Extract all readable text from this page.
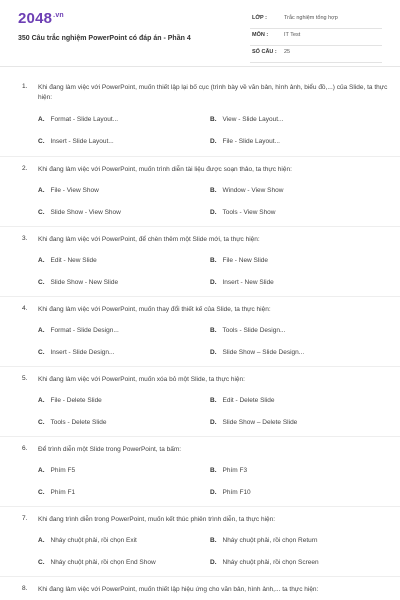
$2048^{.vn}$
350 Câu trắc nghiệm PowerPoint có đáp án - Phần 4
LỚP :	Trắc nghiệm tổng hợp
MÔN :	IT Test
SỐ CÂU : 25
1. Khi đang làm việc với PowerPoint, muốn thiết lập lại bố cục (trình bày về văn bản, hình ảnh, biểu đồ,...) của Slide, ta thực hiện:
A. Format - Slide Layout...	B. View - Slide Layout...
C. Insert - Slide Layout...	D. File - Slide Layout...
2. Khi đang làm việc với PowerPoint, muốn trình diễn tài liệu được soạn thảo, ta thực hiện:
A. File - View Show	B. Window - View Show
C. Slide Show - View Show	D. Tools - View Show
3. Khi đang làm việc với PowerPoint, để chèn thêm một Slide mới, ta thực hiện:
A. Edit - New Slide	B. File - New Slide
C. Slide Show - New Slide	D. Insert - New Slide
4. Khi đang làm việc với PowerPoint, muốn thay đổi thiết kế của Slide, ta thực hiện:
A. Format - Slide Design...	B. Tools - Slide Design...
C. Insert - Slide Design...	D. Slide Show – Slide Design...
5. Khi đang làm việc với PowerPoint, muốn xóa bỏ một Slide, ta thực hiện:
A. File - Delete Slide	B. Edit - Delete Slide
C. Tools - Delete Slide	D. Slide Show – Delete Slide
6. Để trình diễn một Slide trong PowerPoint, ta bấm:
A. Phím F5	B. Phím F3
C. Phím F1	D. Phím F10
7. Khi đang trình diễn trong PowerPoint, muốn kết thúc phiên trình diễn, ta thực hiện:
A. Nháy chuột phải, rồi chọn Exit	B. Nháy chuột phải, rồi chọn Return
C. Nháy chuột phải, rồi chọn End Show	D. Nháy chuột phải, rồi chọn Screen
8. Khi đang làm việc với PowerPoint, muốn thiết lập hiệu ứng cho văn bản, hình ảnh,... ta thực hiện:
